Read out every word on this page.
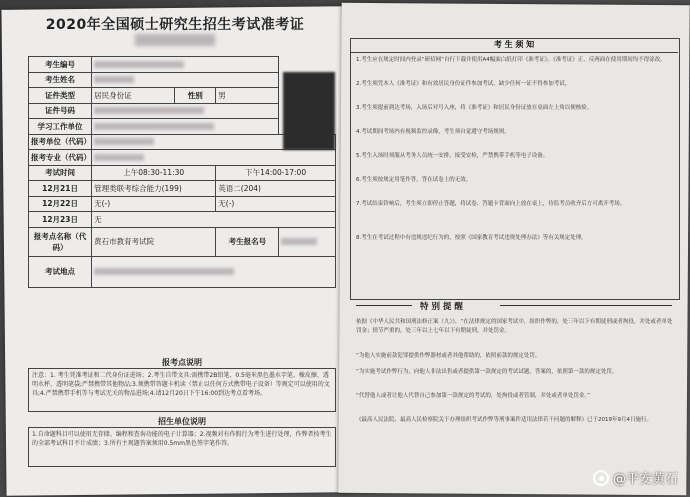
2020年全国硕士研究生招生考试准考证
考生编号			

考生姓名			

证件类型	居民身份证	性别	男	
证件号码			

学习工作单位			

报考单位（代码）				

报考专业（代码）				

考试时间	上午08:30-11:30		下午14:00-17:00	
12月21日	管理类联考综合能力(199)		英语二(204)	
12月22日	无(-)		无(-)	
12月23日	无			
报考点名称（代码）	黄石市教育考试院		考生报名号	

考试地点				
报考点说明
注意：1. 考生凭准考证和二代身份证进场；2.考生自带文具:需携带2B铅笔、0.5毫米黑色墨水字笔、橡皮擦、透明水杯、透明笔袋;严禁携带其他物品;3.须携带答题卡机读（禁止以任何方式携带电子设备）等规定可以使用的文具;4.严禁携带手机等与考试无关的物品进场;4.请12月20日下午16:00到达考点看考场。
招生单位说明
1.自命题科目可以使用无存储、编程和查询功能的电子计算器；2.视频对有作假行为考生进行处理，作弊者按考生的全部考试科目不计成绩；3.所有主观题答案须用0.5mm黑色签字笔作答。
考 生 须 知
1.考生应在规定时间内登录“研招网”自行下载并使用A4幅面白纸打印《准考证》。《准考证》正、反两面在使用期间均不得涂改。
2.考生须凭本人《准考证》和有效居民身份证件参加考试，缺少任何一证不得参加考试。
3.考生须提前到达考场，入场后对号入座，将《准考证》和居民身份证放在桌面左上角以便核验。
4.考试期间考场内有视频监控录像，考生须自觉遵守考场规则。
5.考生入场时须服从考务人员统一安排，接受安检，严禁携带手机等电子设备。
6.考生须按规定用笔作答，答在试卷上的无效。
7.考试结束铃响后，考生须立即停止答题，将试卷、答题卡背面向上放在桌上，待监考员收齐后方可离开考场。
8.考生在考试过程中有违规违纪行为的，按照《国家教育考试违规处理办法》等有关规定处理。
特 别 提 醒
依据《中华人民共和国刑法修正案（九）》，“在法律规定的国家考试中，组织作弊的，处三年以下有期徒刑或者拘役，并处或者单处罚金；情节严重的，处三年以上七年以下有期徒刑，并处罚金。
“为他人实施前款犯罪提供作弊器材或者其他帮助的，依照前款的规定处罚。
“为实施考试作弊行为，向他人非法出售或者提供第一款规定的考试试题、答案的，依照第一款的规定处罚。
“代替他人或者让他人代替自己参加第一款规定的考试的，处拘役或者管制，并处或者单处罚金。”
《最高人民法院、最高人民检察院关于办理组织考试作弊等刑事案件适用法律若干问题的解释》已于2019年9月4日施行。
@平安黄石
